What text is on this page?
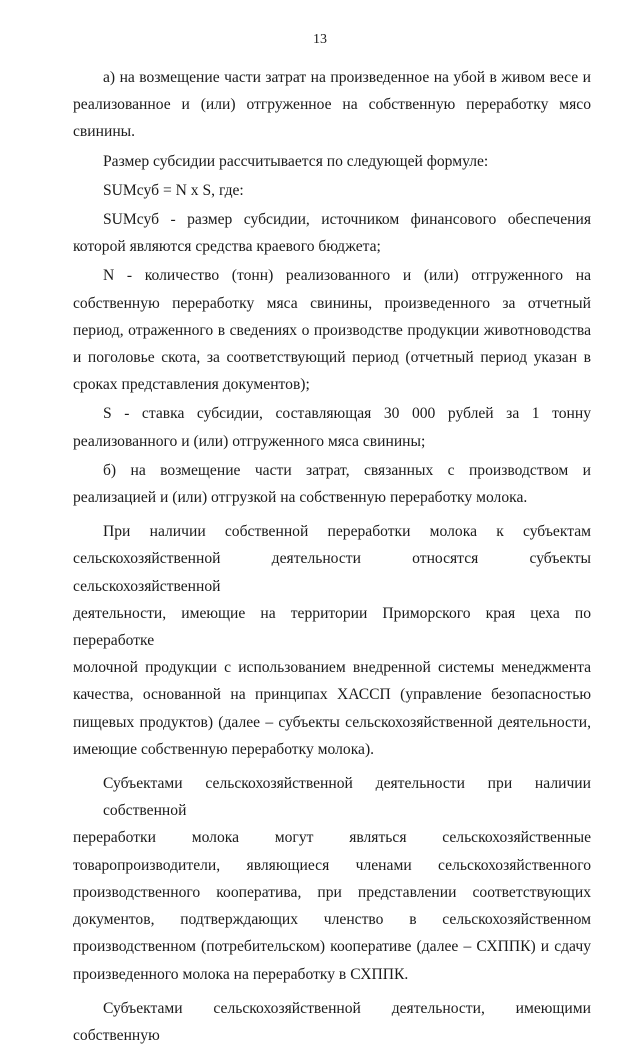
13

а) на возмещение части затрат на произведенное на убой в живом весе и реализованное и (или) отгруженное на собственную переработку мясо свинины.

Размер субсидии рассчитывается по следующей формуле:

SUMсуб = N x S, где:

SUMсуб - размер субсидии, источником финансового обеспечения которой являются средства краевого бюджета;

N - количество (тонн) реализованного и (или) отгруженного на собственную переработку мяса свинины, произведенного за отчетный период, отраженного в сведениях о производстве продукции животноводства и поголовье скота, за соответствующий период (отчетный период указан в сроках представления документов);

S - ставка субсидии, составляющая 30 000 рублей за 1 тонну реализованного и (или) отгруженного мяса свинины;

б) на возмещение части затрат, связанных с производством и реализацией и (или) отгрузкой на собственную переработку молока.

При наличии собственной переработки молока к субъектам
сельскохозяйственной деятельности относятся субъекты сельскохозяйственной
деятельности, имеющие на территории Приморского края цеха по переработке
молочной продукции с использованием внедренной системы менеджмента
качества, основанной на принципах ХАССП (управление безопасностью
пищевых продуктов) (далее – субъекты сельскохозяйственной деятельности,
имеющие собственную переработку молока).
Субъектами сельскохозяйственной деятельности при наличии собственной
переработки молока могут являться сельскохозяйственные
товаропроизводители, являющиеся членами сельскохозяйственного
производственного кооператива, при представлении соответствующих
документов, подтверждающих членство в сельскохозяйственном
производственном (потребительском) кооперативе (далее – СХППК) и сдачу
произведенного молока на переработку в СХППК.

Субъектами сельскохозяйственной деятельности, имеющими собственную
